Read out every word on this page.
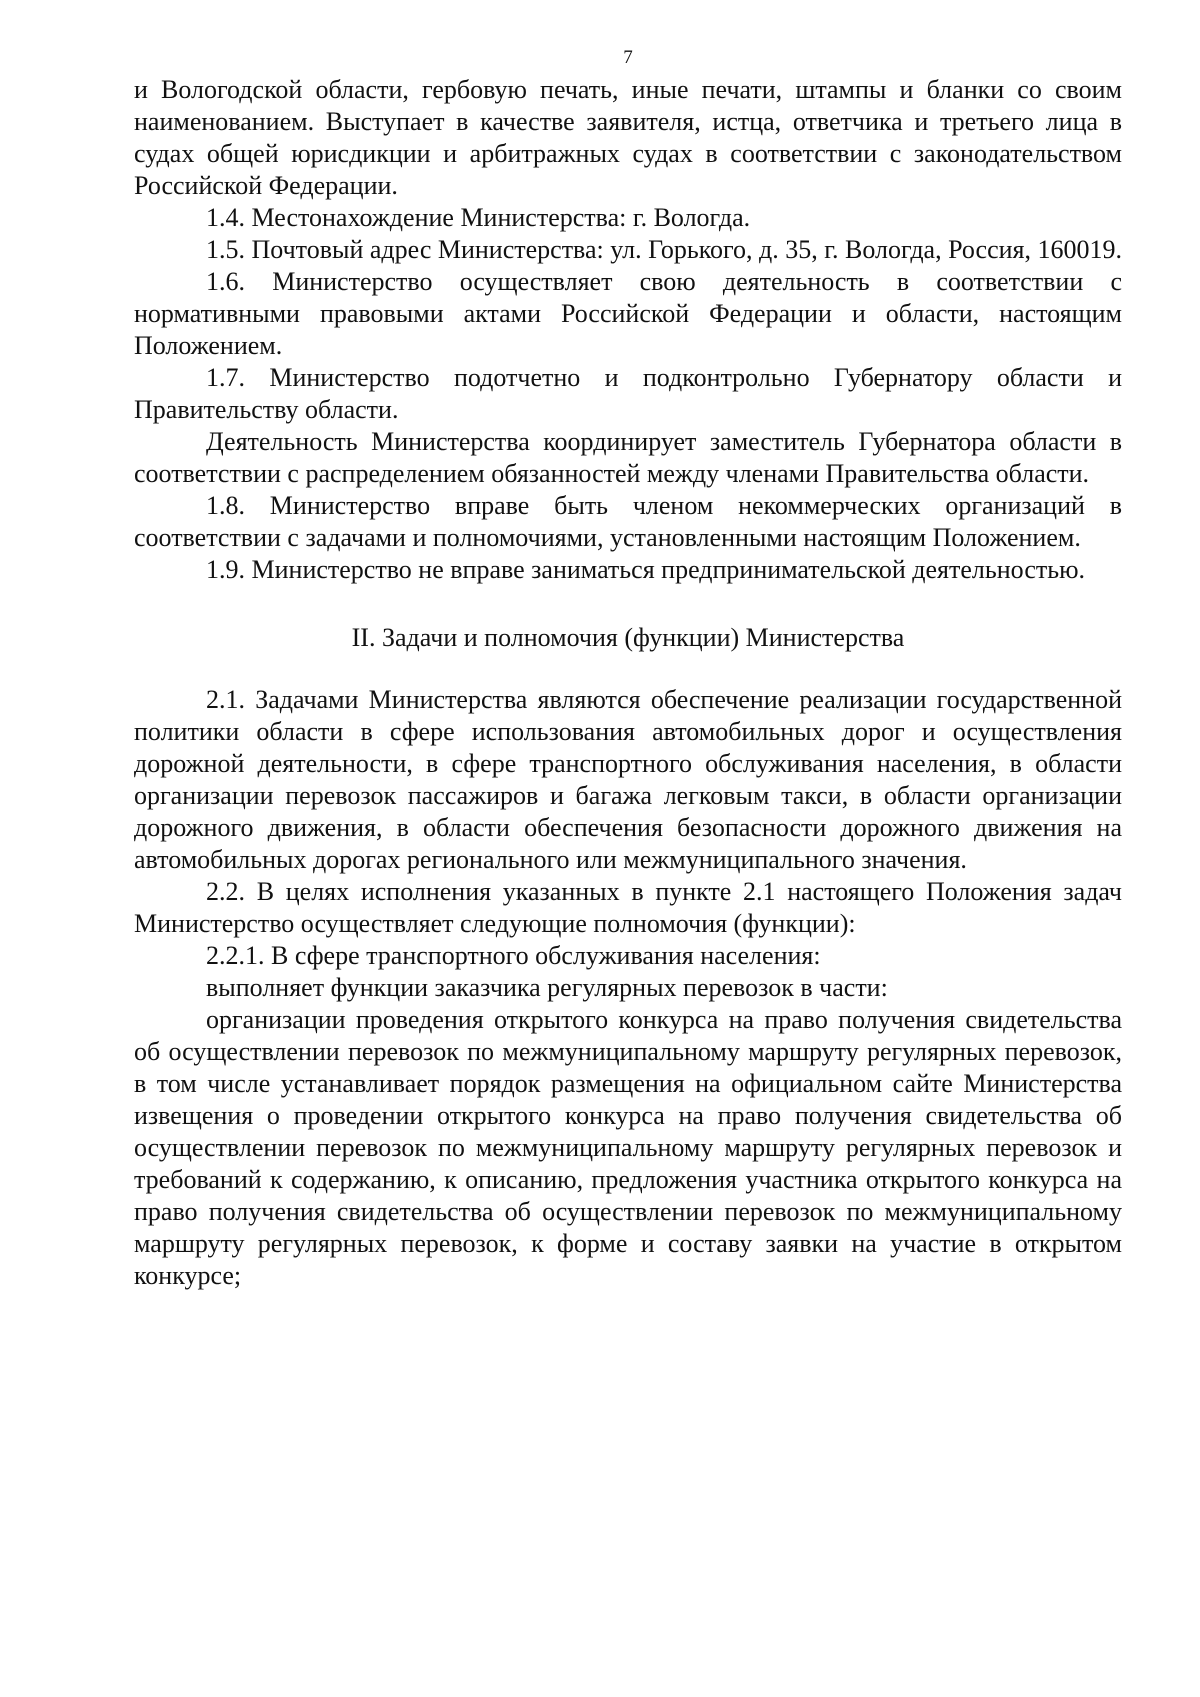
7

и Вологодской области, гербовую печать, иные печати, штампы и бланки со своим наименованием. Выступает в качестве заявителя, истца, ответчика и третьего лица в судах общей юрисдикции и арбитражных судах в соответствии с законодательством Российской Федерации.

1.4. Местонахождение Министерства: г. Вологда.

1.5. Почтовый адрес Министерства: ул. Горького, д. 35, г. Вологда, Россия, 160019.

1.6. Министерство осуществляет свою деятельность в соответствии с нормативными правовыми актами Российской Федерации и области, настоящим Положением.

1.7. Министерство подотчетно и подконтрольно Губернатору области и Правительству области.

Деятельность Министерства координирует заместитель Губернатора области в соответствии с распределением обязанностей между членами Правительства области.

1.8. Министерство вправе быть членом некоммерческих организаций в соответствии с задачами и полномочиями, установленными настоящим Положением.

1.9. Министерство не вправе заниматься предпринимательской деятельностью.

II. Задачи и полномочия (функции) Министерства

2.1. Задачами Министерства являются обеспечение реализации государственной политики области в сфере использования автомобильных дорог и осуществления дорожной деятельности, в сфере транспортного обслуживания населения, в области организации перевозок пассажиров и багажа легковым такси, в области организации дорожного движения, в области обеспечения безопасности дорожного движения на автомобильных дорогах регионального или межмуниципального значения.

2.2. В целях исполнения указанных в пункте 2.1 настоящего Положения задач Министерство осуществляет следующие полномочия (функции):

2.2.1. В сфере транспортного обслуживания населения:

выполняет функции заказчика регулярных перевозок в части:

организации проведения открытого конкурса на право получения свидетельства об осуществлении перевозок по межмуниципальному маршруту регулярных перевозок, в том числе устанавливает порядок размещения на официальном сайте Министерства извещения о проведении открытого конкурса на право получения свидетельства об осуществлении перевозок по межмуниципальному маршруту регулярных перевозок и требований к содержанию, к описанию, предложения участника открытого конкурса на право получения свидетельства об осуществлении перевозок по межмуниципальному маршруту регулярных перевозок, к форме и составу заявки на участие в открытом конкурсе;
